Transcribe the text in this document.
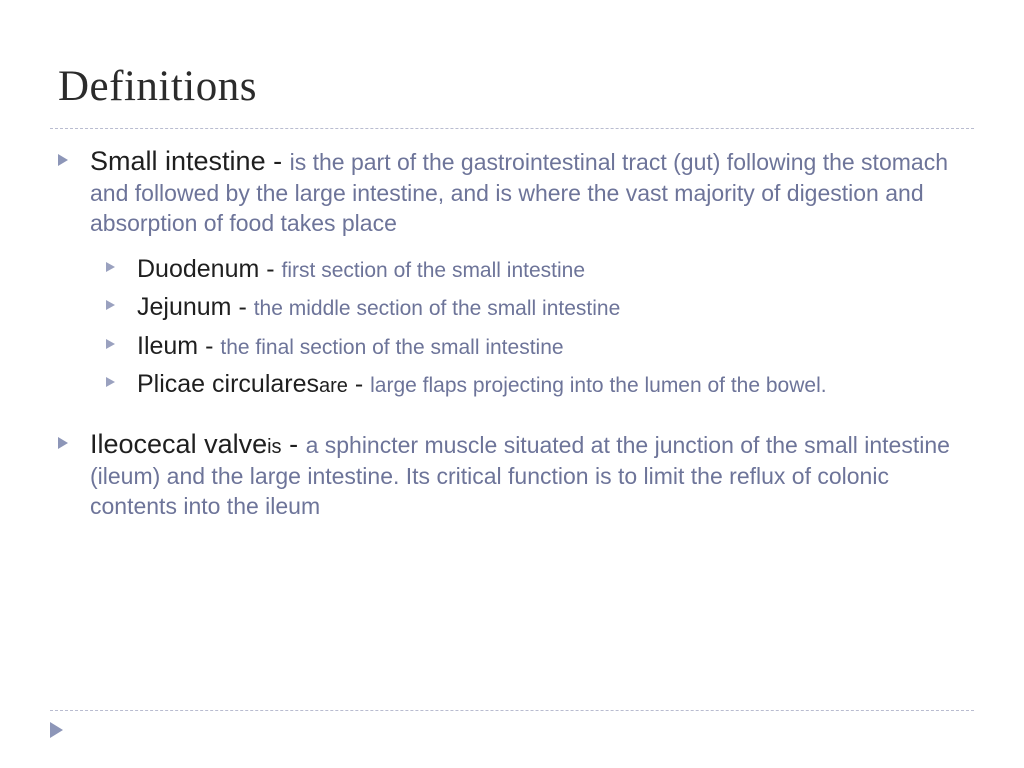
Definitions
Small intestine - is the part of the gastrointestinal tract (gut) following the stomach and followed by the large intestine, and is where the vast majority of digestion and absorption of food takes place
Duodenum - first section of the small intestine
Jejunum - the middle section of the small intestine
Ileum - the final section of the small intestine
Plicae circularesare - large flaps projecting into the lumen of the bowel.
Ileocecal valveis - a sphincter muscle situated at the junction of the small intestine (ileum) and the large intestine. Its critical function is to limit the reflux of colonic contents into the ileum
